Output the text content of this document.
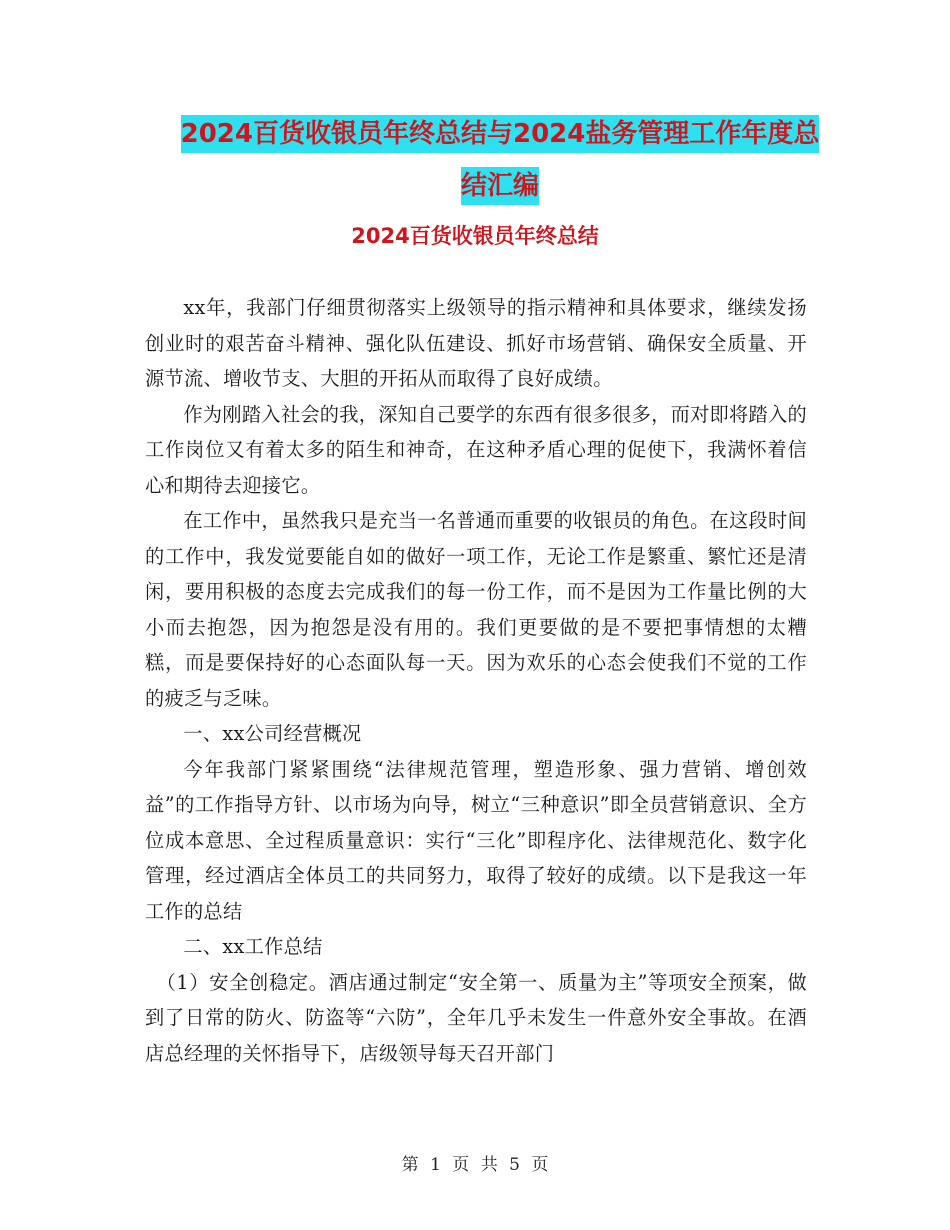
2024百货收银员年终总结与2024盐务管理工作年度总
结汇编
2024百货收银员年终总结

xx年，我部门仔细贯彻落实上级领导的指示精神和具体要求，继续发扬创业时的艰苦奋斗精神、强化队伍建设、抓好市场营销、确保安全质量、开源节流、增收节支、大胆的开拓从而取得了良好成绩。

作为刚踏入社会的我，深知自己要学的东西有很多很多，而对即将踏入的工作岗位又有着太多的陌生和神奇，在这种矛盾心理的促使下，我满怀着信心和期待去迎接它。

在工作中，虽然我只是充当一名普通而重要的收银员的角色。在这段时间的工作中，我发觉要能自如的做好一项工作，无论工作是繁重、繁忙还是清闲，要用积极的态度去完成我们的每一份工作，而不是因为工作量比例的大小而去抱怨，因为抱怨是没有用的。我们更要做的是不要把事情想的太糟糕，而是要保持好的心态面队每一天。因为欢乐的心态会使我们不觉的工作的疲乏与乏味。

一、xx公司经营概况

今年我部门紧紧围绕“法律规范管理，塑造形象、强力营销、增创效益”的工作指导方针、以市场为向导，树立“三种意识”即全员营销意识、全方位成本意思、全过程质量意识：实行“三化”即程序化、法律规范化、数字化管理，经过酒店全体员工的共同努力，取得了较好的成绩。以下是我这一年工作的总结

二、xx工作总结

（1）安全创稳定。酒店通过制定“安全第一、质量为主”等项安全预案，做到了日常的防火、防盗等“六防”，全年几乎未发生一件意外安全事故。在酒店总经理的关怀指导下，店级领导每天召开部门

第 1 页 共 5 页
